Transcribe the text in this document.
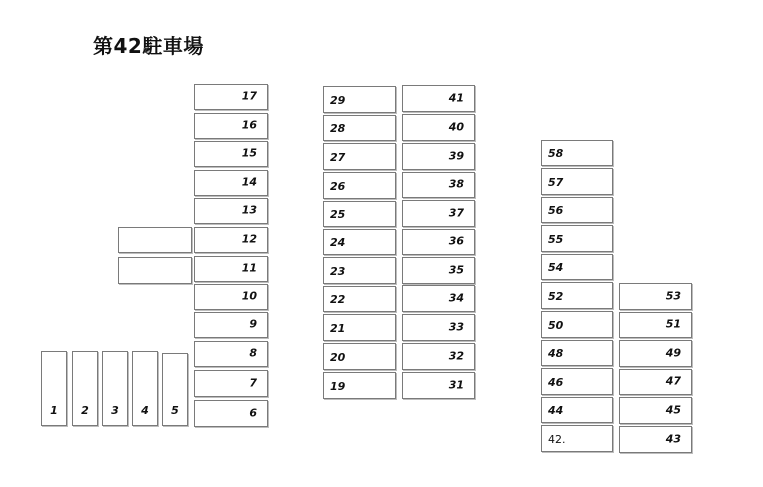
第42駐車場
1	2	3	4	5
17
16
15
14
13
12
11
10
9
8
7
6
29
28
27
26
25
24
23
22
21
20
19
41
40
39
38
37
36
35
34
33
32
31
58
57
56
55
54
52
50
48
46
44
42.
53
51
49
47
45
43
